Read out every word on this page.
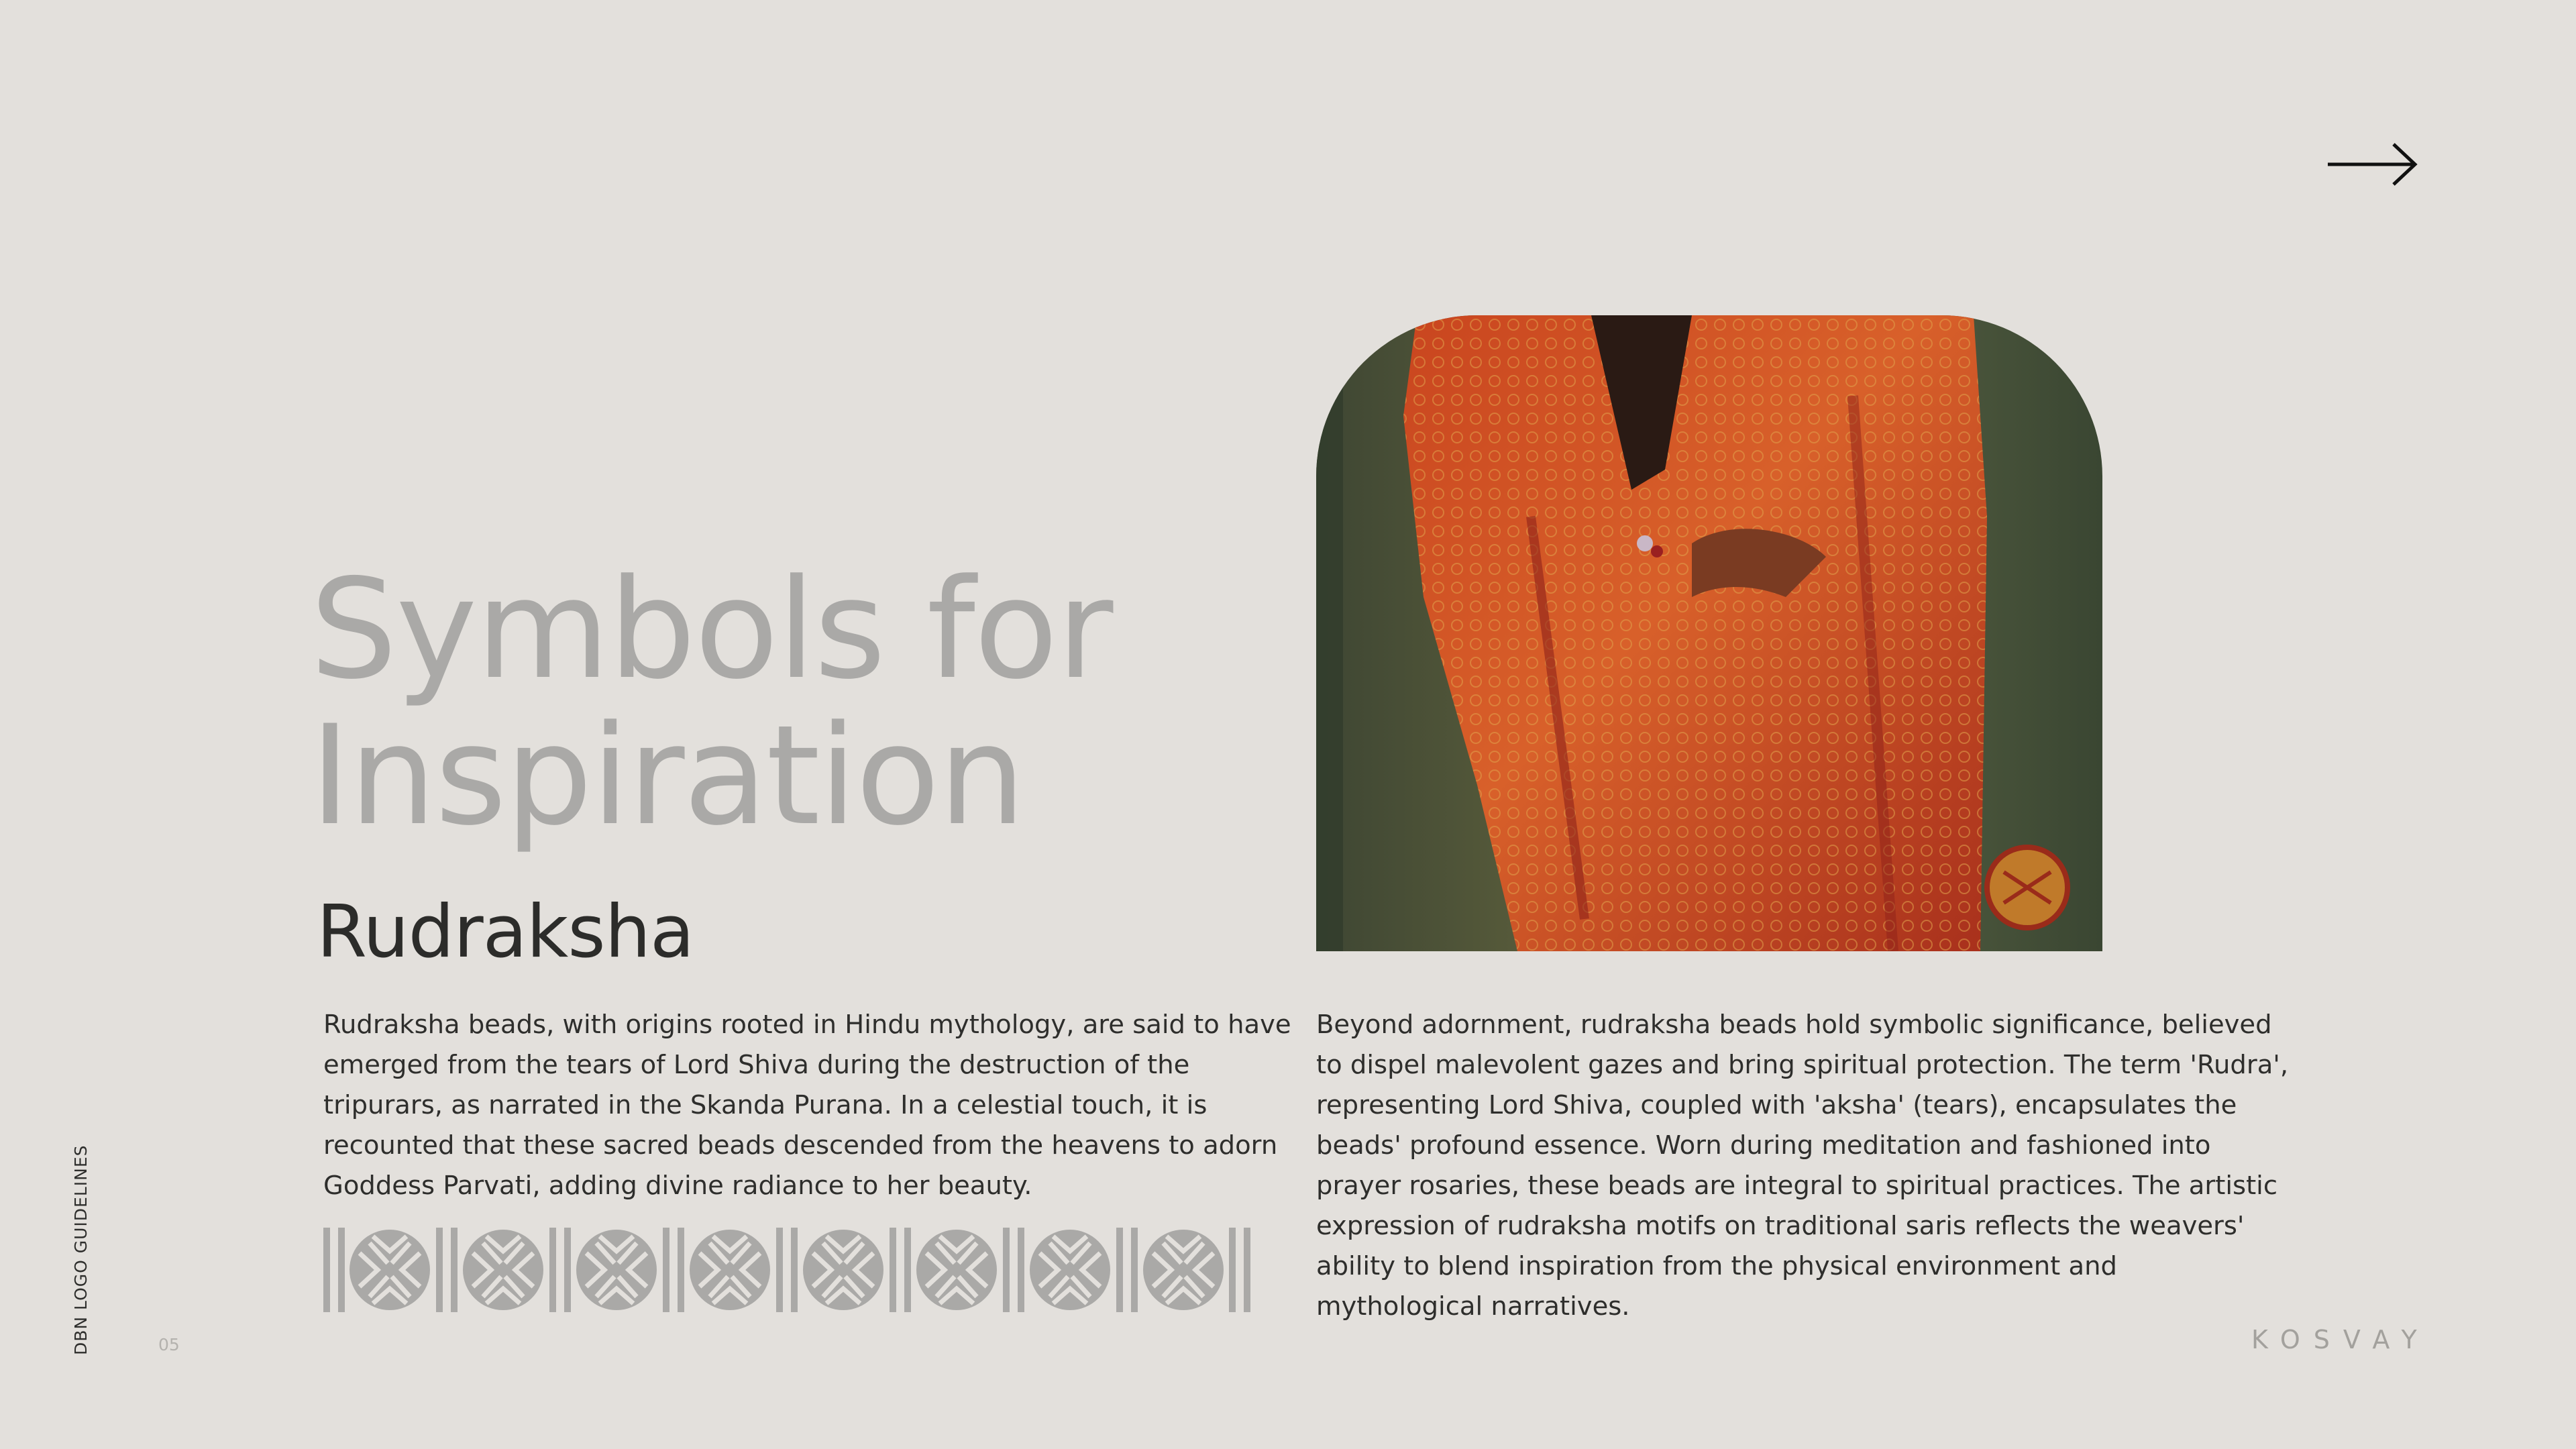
Symbols for
Inspiration
Rudraksha
Rudraksha beads, with origins rooted in Hindu mythology, are said to have
emerged from the tears of Lord Shiva during the destruction of the
tripurars, as narrated in the Skanda Purana. In a celestial touch, it is
recounted that these sacred beads descended from the heavens to adorn
Goddess Parvati, adding divine radiance to her beauty.
Beyond adornment, rudraksha beads hold symbolic significance, believed
to dispel malevolent gazes and bring spiritual protection. The term 'Rudra',
representing Lord Shiva, coupled with 'aksha' (tears), encapsulates the
beads' profound essence. Worn during meditation and fashioned into
prayer rosaries, these beads are integral to spiritual practices. The artistic
expression of rudraksha motifs on traditional saris reflects the weavers'
ability to blend inspiration from the physical environment and
mythological narratives.
DBN LOGO GUIDELINES	05	KOSVAY
